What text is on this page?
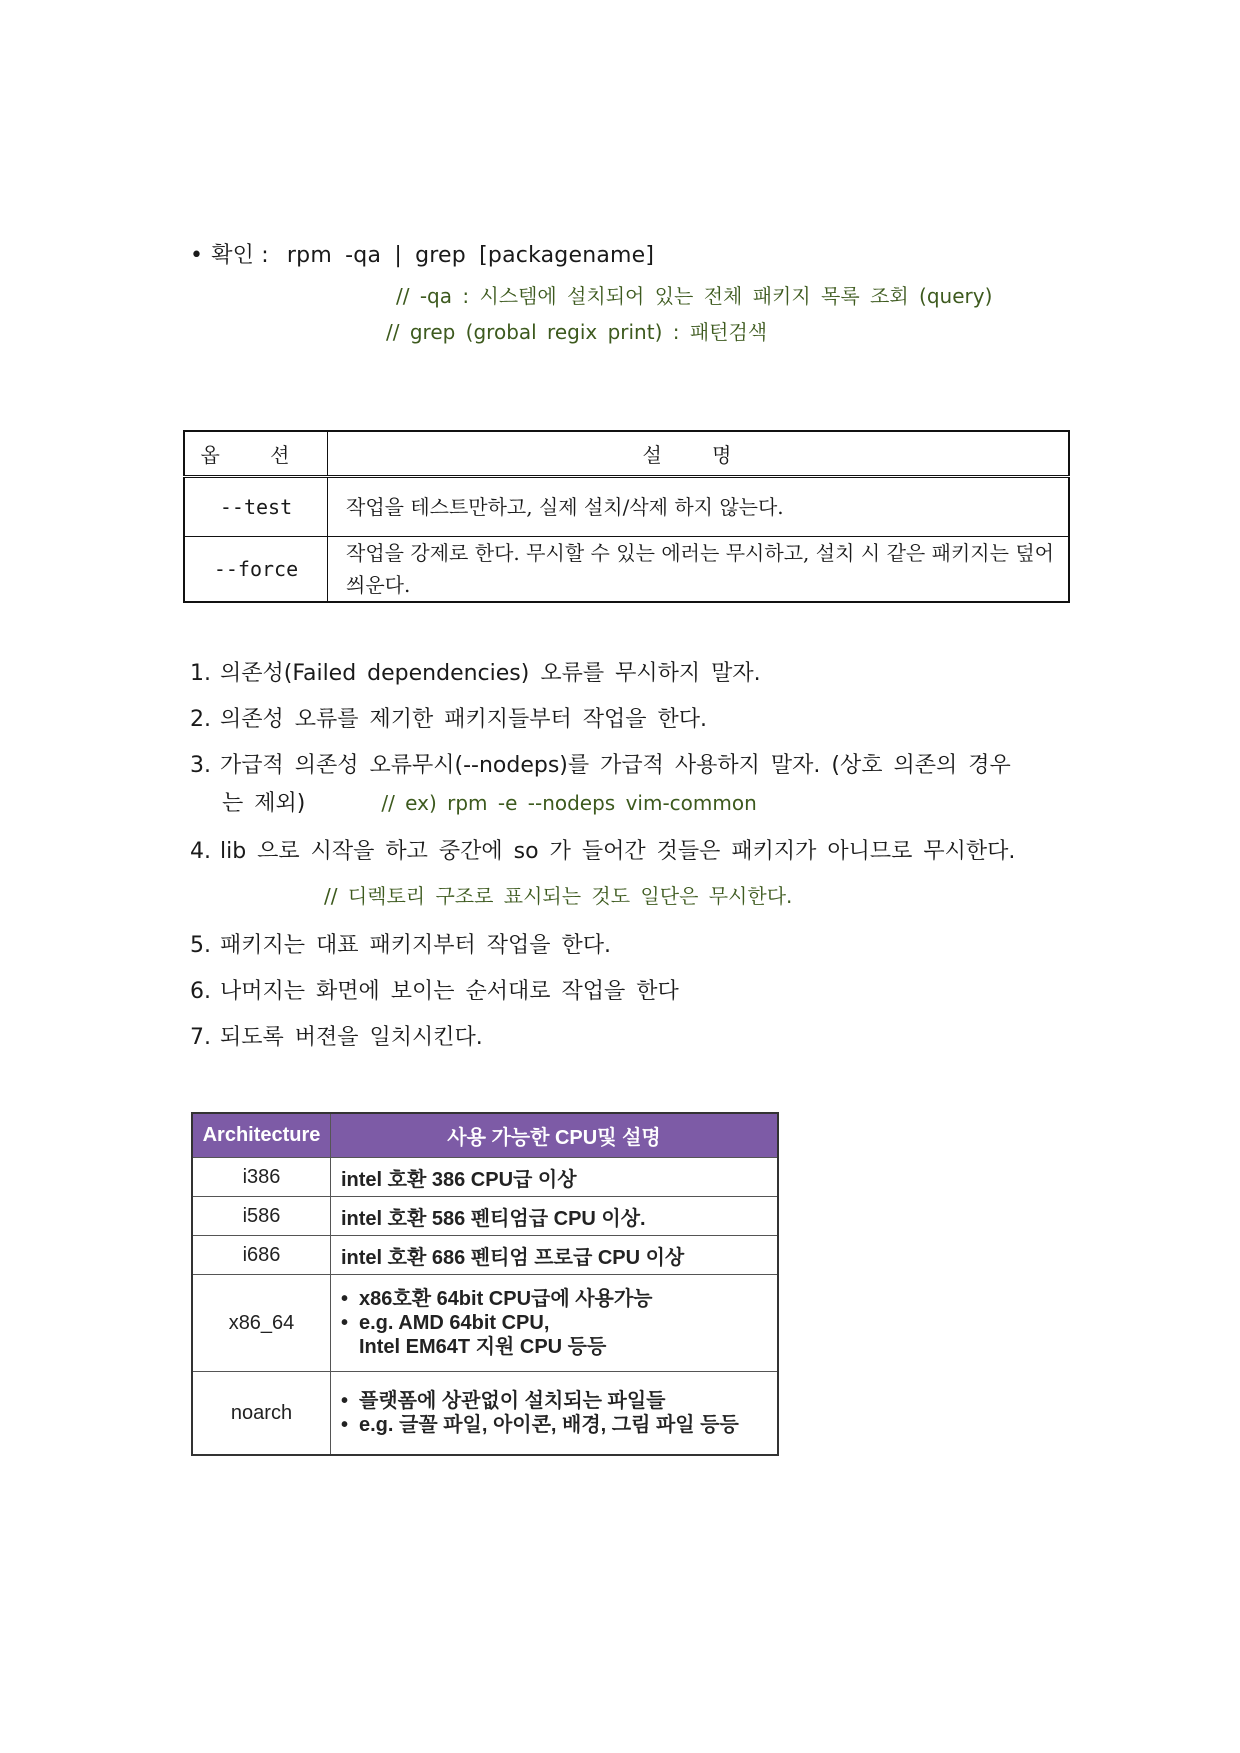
• 확인 : rpm -qa | grep [packagename]
// -qa : 시스템에 설치되어 있는 전체 패키지 목록 조회 (query)
// grep (grobal regix print) : 패턴검색
옵 션	설 명
--test	작업을 테스트만하고, 실제 설치/삭제 하지 않는다.
--force	작업을 강제로 한다. 무시할 수 있는 에러는 무시하고, 설치 시 같은 패키지는 덮어씌운다.
1. 의존성(Failed dependencies) 오류를 무시하지 말자.
2. 의존성 오류를 제기한 패키지들부터 작업을 한다.
3. 가급적 의존성 오류무시(--nodeps)를 가급적 사용하지 말자. (상호 의존의 경우
는 제외)	// ex) rpm -e --nodeps vim-common
4. lib 으로 시작을 하고 중간에 so 가 들어간 것들은 패키지가 아니므로 무시한다.
// 디렉토리 구조로 표시되는 것도 일단은 무시한다.
5. 패키지는 대표 패키지부터 작업을 한다.
6. 나머지는 화면에 보이는 순서대로 작업을 한다
7. 되도록 버젼을 일치시킨다.
Architecture	사용 가능한 CPU및 설명
i386	intel 호환 386 CPU급 이상
i586	intel 호환 586 펜티엄급 CPU 이상.
i686	intel 호환 686 펜티엄 프로급 CPU 이상
x86_64	• x86호환 64bit CPU급에 사용가능
• e.g. AMD 64bit CPU,
Intel EM64T 지원 CPU 등등

noarch	• 플랫폼에 상관없이 설치되는 파일들
• e.g. 글꼴 파일, 아이콘, 배경, 그림 파일 등등
